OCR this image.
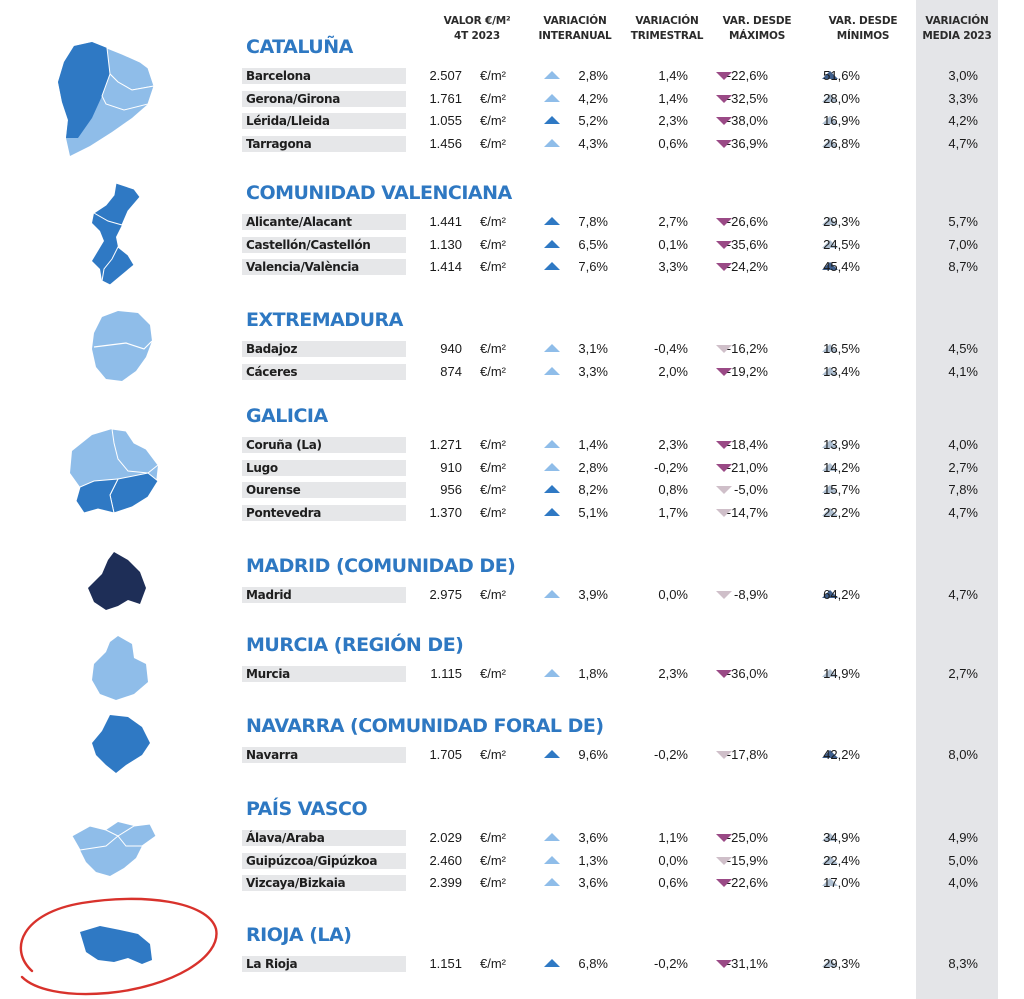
VALOR €/M²
4T 2023
VARIACIÓN
INTERANUAL
VARIACIÓN
TRIMESTRAL
VAR. DESDE
MÁXIMOS
VAR. DESDE
MÍNIMOS
VARIACIÓN
MEDIA 2023
CATALUÑA
Barcelona	2.507 €/m²	2,8%	1,4%	-22,6%	51,6%	3,0%
Gerona/Girona	1.761 €/m²	4,2%	1,4%	-32,5%	28,0%	3,3%
Lérida/Lleida	1.055 €/m²	5,2%	2,3%	-38,0%	16,9%	4,2%
Tarragona	1.456 €/m²	4,3%	0,6%	-36,9%	26,8%	4,7%
COMUNIDAD VALENCIANA
Alicante/Alacant	1.441 €/m²	7,8%	2,7%	-26,6%	29,3%	5,7%
Castellón/Castellón	1.130 €/m²	6,5%	0,1%	-35,6%	24,5%	7,0%
Valencia/València	1.414 €/m²	7,6%	3,3%	-24,2%	45,4%	8,7%
EXTREMADURA
Badajoz	940 €/m²	3,1%	-0,4%	-16,2%	16,5%	4,5%
Cáceres	874 €/m²	3,3%	2,0%	-19,2%	13,4%	4,1%
GALICIA
Coruña (La)	1.271 €/m²	1,4%	2,3%	-18,4%	13,9%	4,0%
Lugo	910 €/m²	2,8%	-0,2%	-21,0%	14,2%	2,7%
Ourense	956 €/m²	8,2%	0,8%	-5,0%	15,7%	7,8%
Pontevedra	1.370 €/m²	5,1%	1,7%	-14,7%	22,2%	4,7%
MADRID (COMUNIDAD DE)
Madrid	2.975 €/m²	3,9%	0,0%	-8,9%	64,2%	4,7%
MURCIA (REGIÓN DE)
Murcia	1.115 €/m²	1,8%	2,3%	-36,0%	14,9%	2,7%
NAVARRA (COMUNIDAD FORAL DE)
Navarra	1.705 €/m²	9,6%	-0,2%	-17,8%	42,2%	8,0%
PAÍS VASCO
Álava/Araba	2.029 €/m²	3,6%	1,1%	-25,0%	34,9%	4,9%
Guipúzcoa/Gipúzkoa	2.460 €/m²	1,3%	0,0%	-15,9%	22,4%	5,0%
Vizcaya/Bizkaia	2.399 €/m²	3,6%	0,6%	-22,6%	17,0%	4,0%
RIOJA (LA)
La Rioja	1.151 €/m²	6,8%	-0,2%	-31,1%	29,3%	8,3%
